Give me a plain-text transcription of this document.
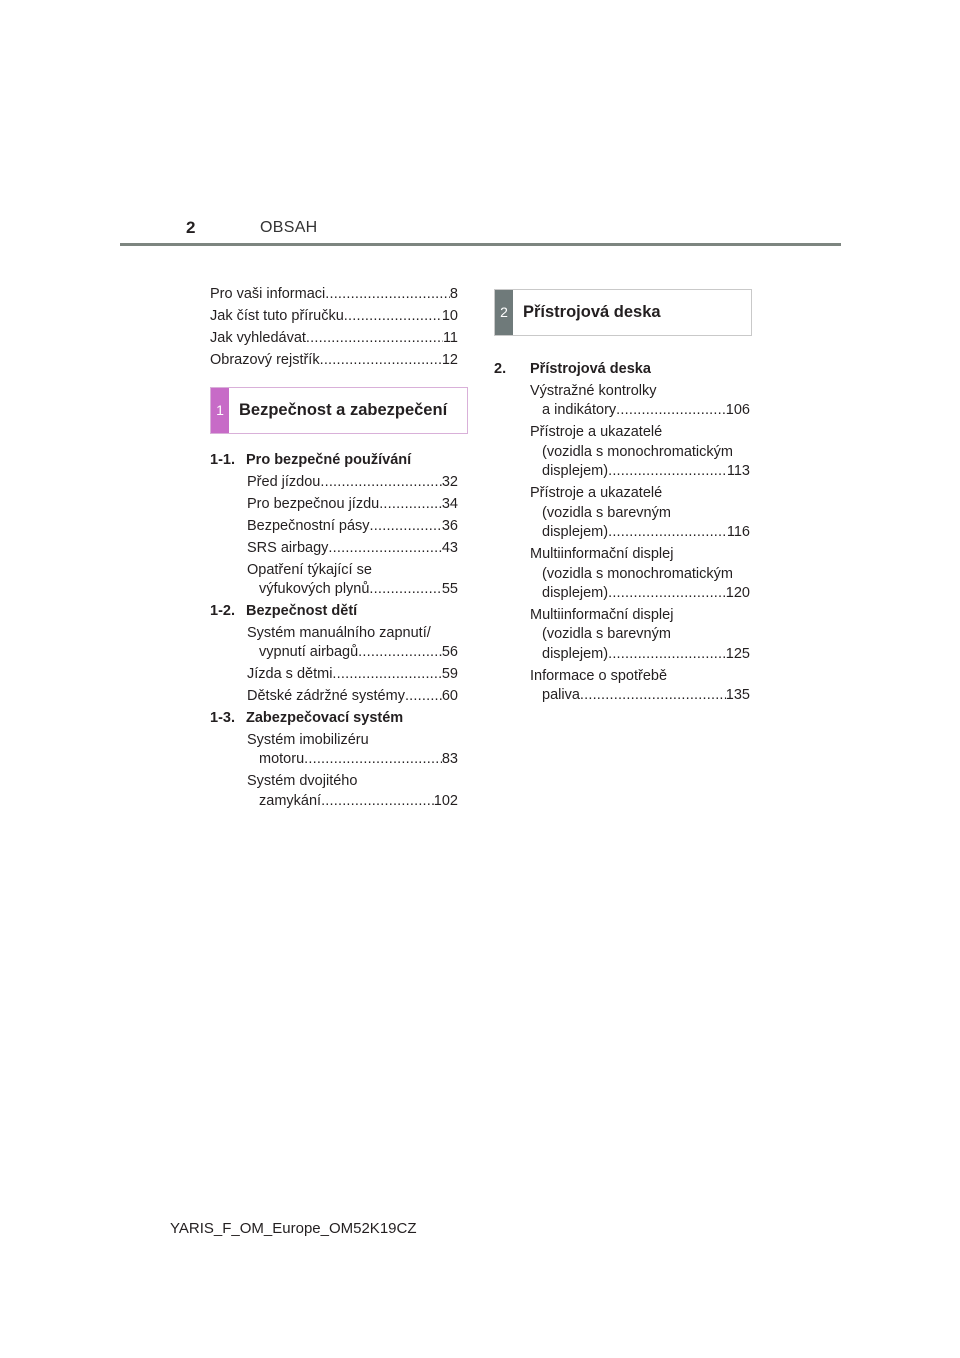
2	OBSAH
Pro vaši informaci .....	8
Jak číst tuto příručku .....	10
Jak vyhledávat .....	11
Obrazový rejstřík .....	12
1 Bezpečnost a zabezpečení
1-1. Pro bezpečné používání
Před jízdou .....	32
Pro bezpečnou jízdu .....	34
Bezpečnostní pásy .....	36
SRS airbagy .....	43
Opatření týkající se
výfukových plynů .....	55
1-2. Bezpečnost dětí
Systém manuálního zapnutí/
vypnutí airbagů .....	56
Jízda s dětmi .....	59
Dětské zádržné systémy .....	60
1-3. Zabezpečovací systém
Systém imobilizéru
motoru .....	83
Systém dvojitého
zamykání .....	102
2 Přístrojová deska
2.	Přístrojová deska
Výstražné kontrolky
a indikátory .....	106
Přístroje a ukazatelé
(vozidla s monochromatickým
displejem) .....	113
Přístroje a ukazatelé
(vozidla s barevným
displejem) .....	116
Multiinformační displej
(vozidla s monochromatickým
displejem) .....	120
Multiinformační displej
(vozidla s barevným
displejem) .....	125
Informace o spotřebě
paliva .....	135
YARIS_F_OM_Europe_OM52K19CZ
